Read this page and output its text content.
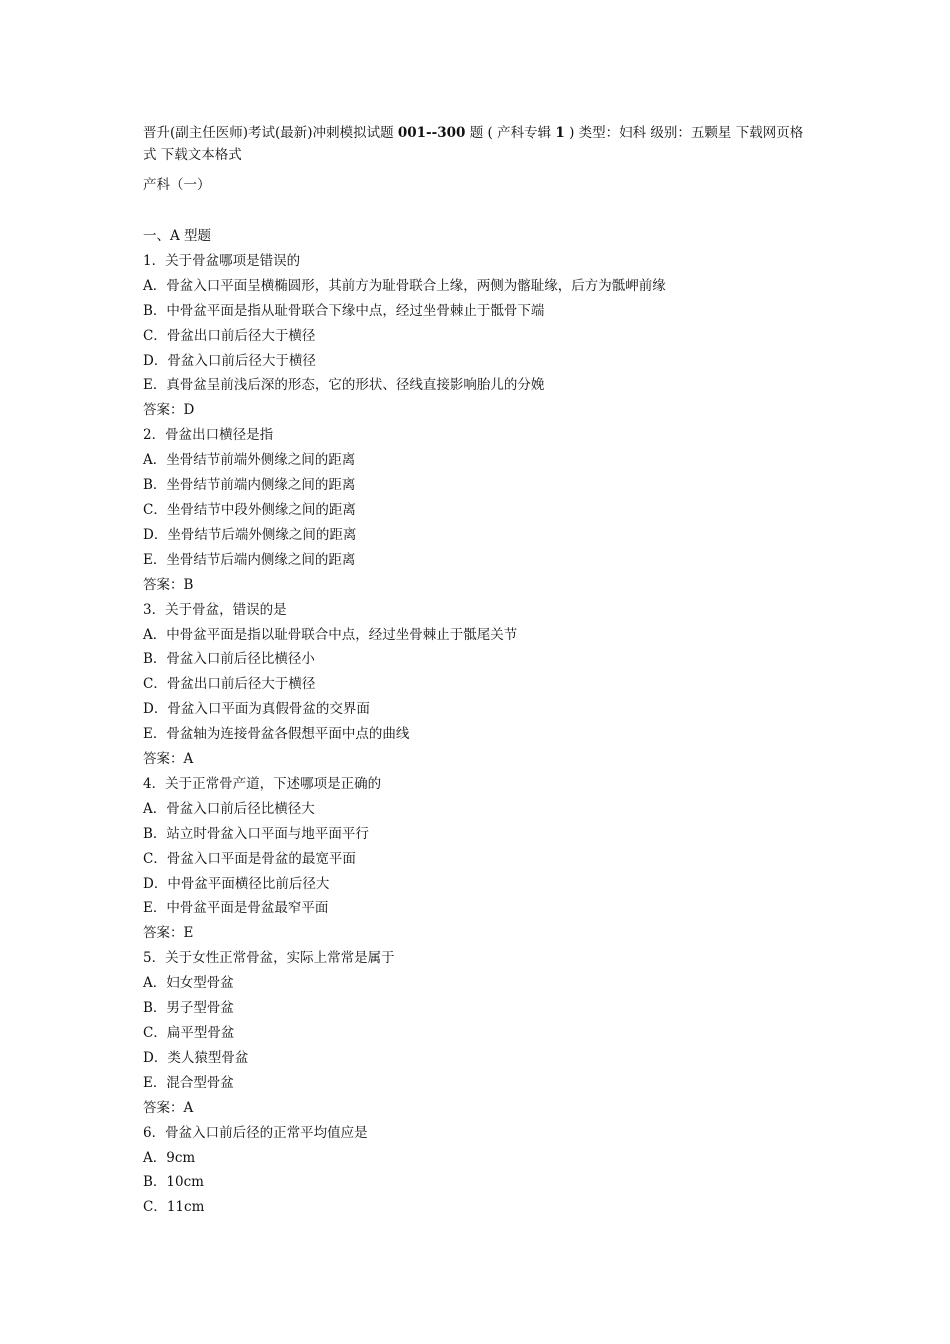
晋升(副主任医师)考试(最新)冲刺模拟试题 001--300 题 ( 产科专辑 1 ) 类型：妇科 级别：五颗星 下载网页格式 下载文本格式

产科（一）
一、A 型题
1．关于骨盆哪项是错误的
A．骨盆入口平面呈横椭圆形，其前方为耻骨联合上缘，两侧为髂耻缘，后方为骶岬前缘
B．中骨盆平面是指从耻骨联合下缘中点，经过坐骨棘止于骶骨下端
C．骨盆出口前后径大于横径
D．骨盆入口前后径大于横径
E．真骨盆呈前浅后深的形态，它的形状、径线直接影响胎儿的分娩
答案：D
2．骨盆出口横径是指
A．坐骨结节前端外侧缘之间的距离
B．坐骨结节前端内侧缘之间的距离
C．坐骨结节中段外侧缘之间的距离
D．坐骨结节后端外侧缘之间的距离
E．坐骨结节后端内侧缘之间的距离
答案：B
3．关于骨盆，错误的是
A．中骨盆平面是指以耻骨联合中点，经过坐骨棘止于骶尾关节
B．骨盆入口前后径比横径小
C．骨盆出口前后径大于横径
D．骨盆入口平面为真假骨盆的交界面
E．骨盆轴为连接骨盆各假想平面中点的曲线
答案：A
4．关于正常骨产道，下述哪项是正确的
A．骨盆入口前后径比横径大
B．站立时骨盆入口平面与地平面平行
C．骨盆入口平面是骨盆的最宽平面
D．中骨盆平面横径比前后径大
E．中骨盆平面是骨盆最窄平面
答案：E
5．关于女性正常骨盆，实际上常常是属于
A．妇女型骨盆
B．男子型骨盆
C．扁平型骨盆
D．类人猿型骨盆
E．混合型骨盆
答案：A
6．骨盆入口前后径的正常平均值应是
A．9cm
B．10cm
C．11cm
